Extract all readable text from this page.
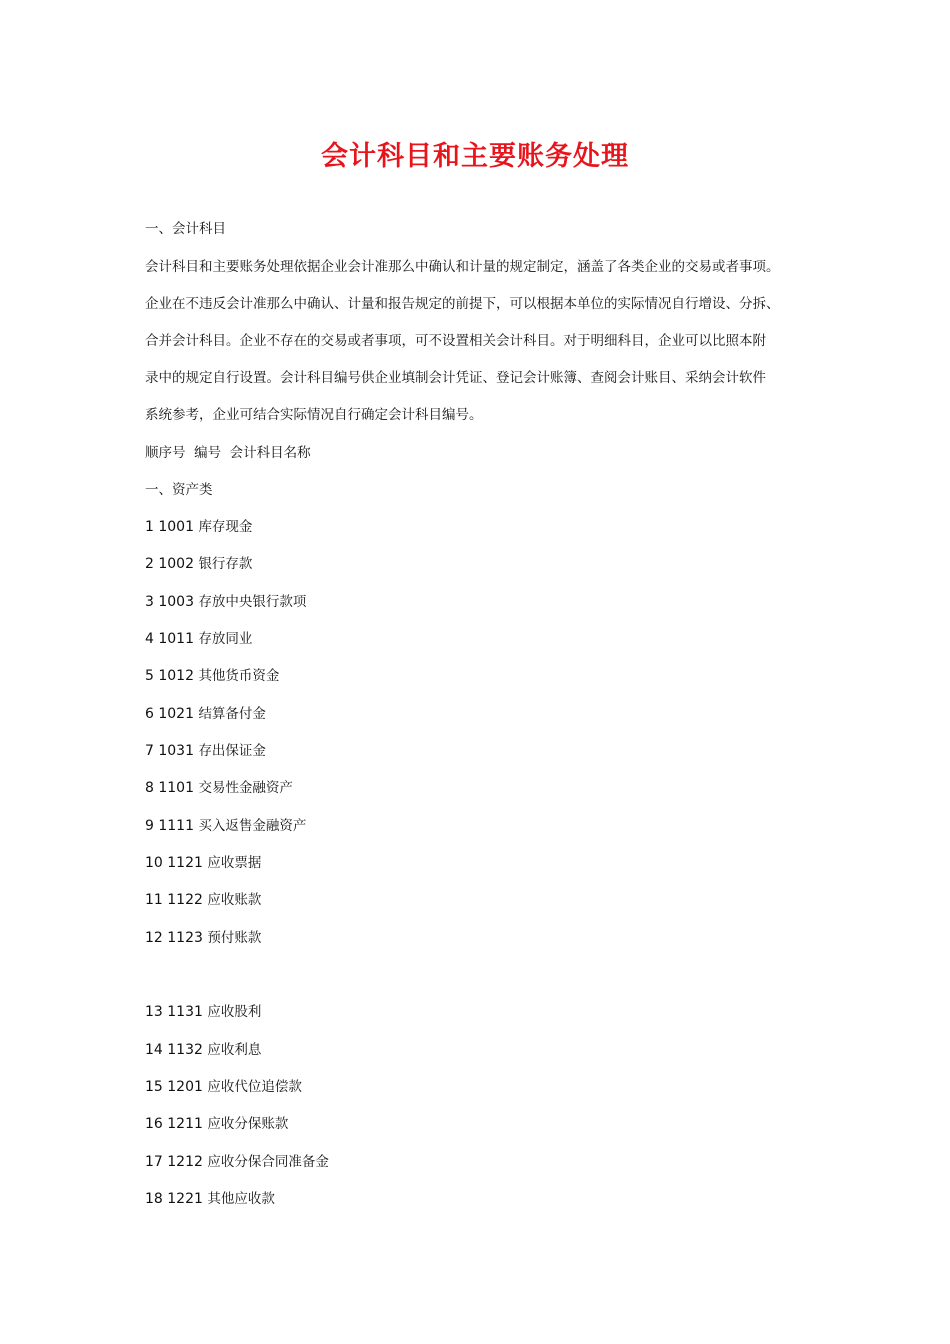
会计科目和主要账务处理
一、会计科目
会计科目和主要账务处理依据企业会计准那么中确认和计量的规定制定，涵盖了各类企业的交易或者事项。
企业在不违反会计准那么中确认、计量和报告规定的前提下，可以根据本单位的实际情况自行增设、分拆、
合并会计科目。企业不存在的交易或者事项，可不设置相关会计科目。对于明细科目，企业可以比照本附
录中的规定自行设置。会计科目编号供企业填制会计凭证、登记会计账簿、查阅会计账目、采纳会计软件
系统参考，企业可结合实际情况自行确定会计科目编号。
顺序号  编号  会计科目名称
一、资产类
1 1001 库存现金
2 1002 银行存款
3 1003 存放中央银行款项
4 1011 存放同业
5 1012 其他货币资金
6 1021 结算备付金
7 1031 存出保证金
8 1101 交易性金融资产
9 1111 买入返售金融资产
10 1121 应收票据
11 1122 应收账款
12 1123 预付账款
13 1131 应收股利
14 1132 应收利息
15 1201 应收代位追偿款
16 1211 应收分保账款
17 1212 应收分保合同准备金
18 1221 其他应收款
